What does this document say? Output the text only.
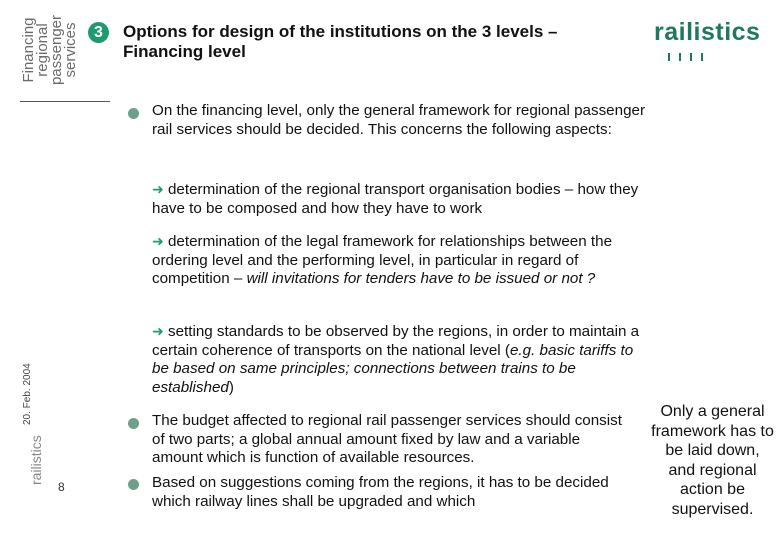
Financing
regional
passenger
services 3	Options for design of the institutions on the 3 levels –
Financing level
railistics
On the financing level, only the general framework for regional passenger rail services should be decided. This concerns the following aspects:
➜ determination of the regional transport organisation bodies – how they have to be composed and how they have to work
➜ determination of the legal framework for relationships between the ordering level and the performing level, in particular in regard of competition – will invitations for tenders have to be issued or not ?
➜ setting standards to be observed by the regions, in order to maintain a certain coherence of transports on the national level (e.g. basic tariffs to be based on same principles; connections between trains to be established)
The budget affected to regional rail passenger services should consist of two parts; a global annual amount fixed by law and a variable amount which is function of available resources.
Based on suggestions coming from the regions, it has to be decided which railway lines shall be upgraded and which
20. Feb. 2004
railistics
8
Only a general framework has to be laid down, and regional action be supervised.
